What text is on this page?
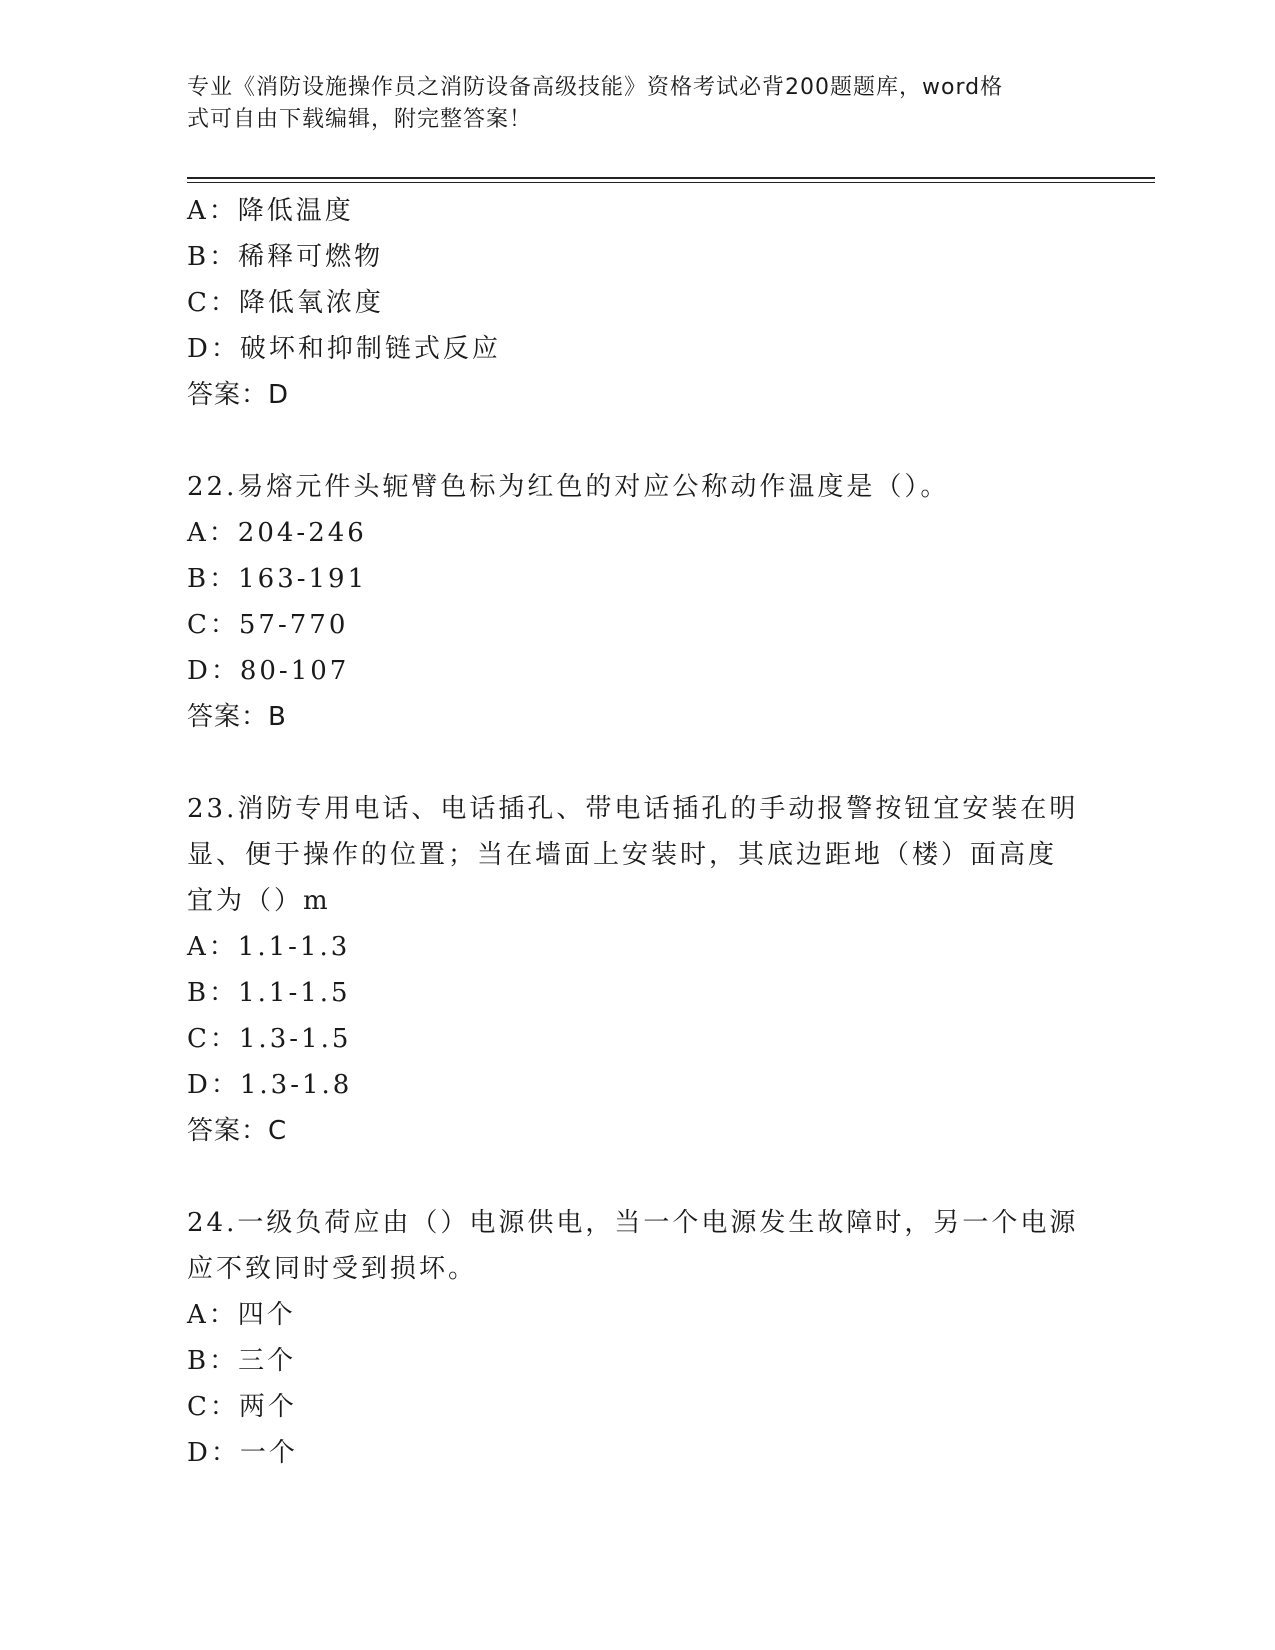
专业《消防设施操作员之消防设备高级技能》资格考试必背200题题库，word格
式可自由下载编辑，附完整答案！
A：降低温度
B：稀释可燃物
C：降低氧浓度
D：破坏和抑制链式反应
答案：D
22.易熔元件头轭臂色标为红色的对应公称动作温度是（）。
A：204-246
B：163-191
C：57-770
D：80-107
答案：B
23.消防专用电话、电话插孔、带电话插孔的手动报警按钮宜安装在明
显、便于操作的位置；当在墙面上安装时，其底边距地（楼）面高度
宜为（）m
A：1.1-1.3
B：1.1-1.5
C：1.3-1.5
D：1.3-1.8
答案：C
24.一级负荷应由（）电源供电，当一个电源发生故障时，另一个电源
应不致同时受到损坏。
A：四个
B：三个
C：两个
D：一个
